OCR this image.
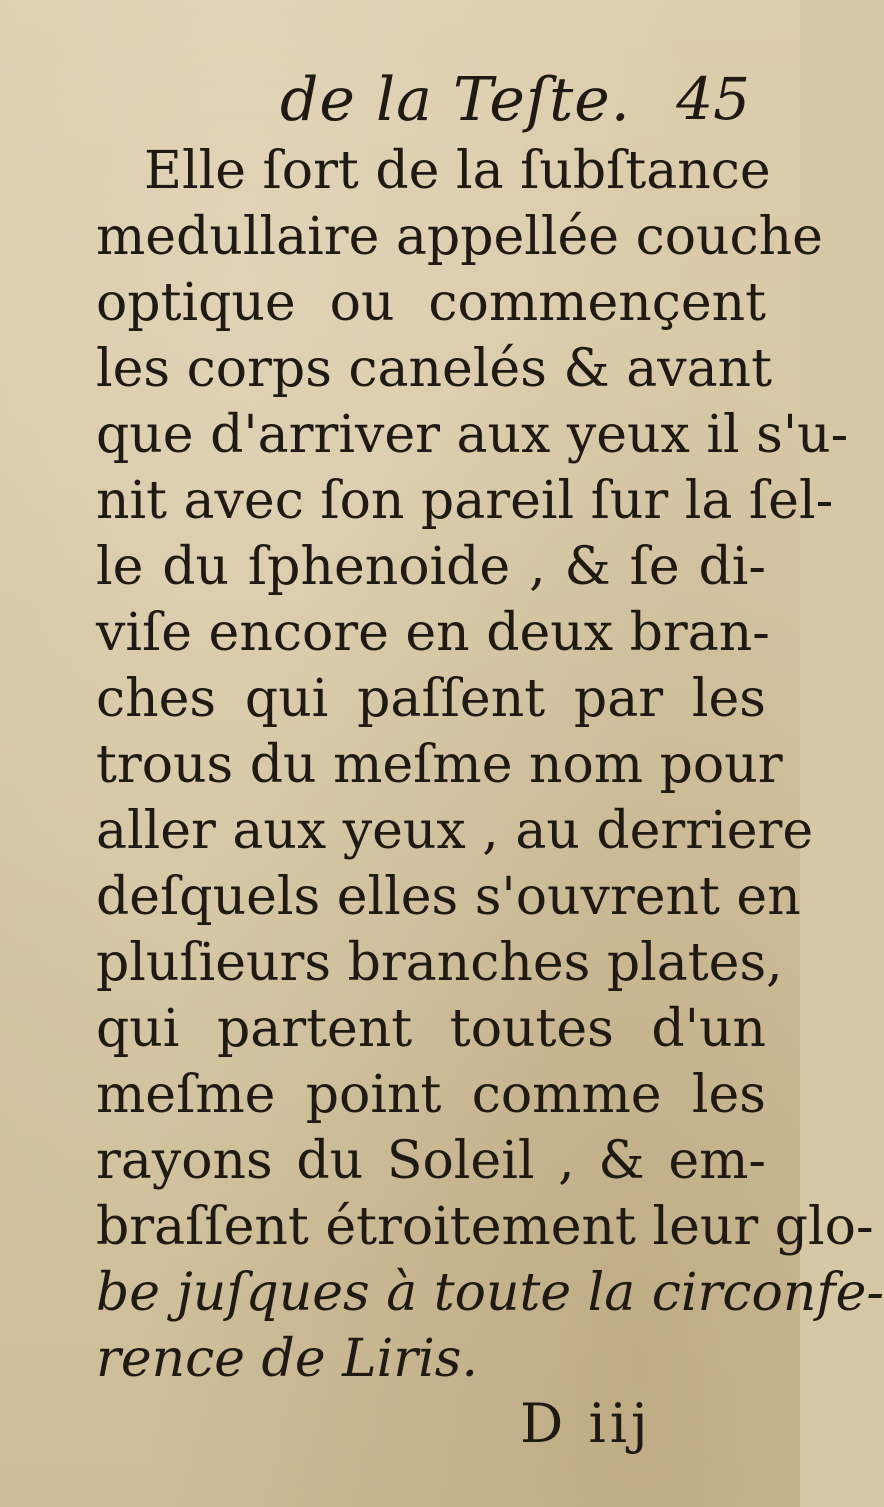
de la Teſte. 45
Elle ſort de la ſubſtance
medullaire appellée couche
optique ou commençent
les corps canelés & avant
que d'arriver aux yeux il s'u-
nit avec ſon pareil ſur la ſel-
le du ſphenoide , & ſe di-
viſe encore en deux bran-
ches qui paſſent par les
trous du meſme nom pour
aller aux yeux , au derriere
deſquels elles s'ouvrent en
pluſieurs branches plates,
qui partent toutes d'un
meſme point comme les
rayons du Soleil , & em-
braſſent étroitement leur glo-
be juſques à toute la circonfe-
rence de Liris.
D iij
